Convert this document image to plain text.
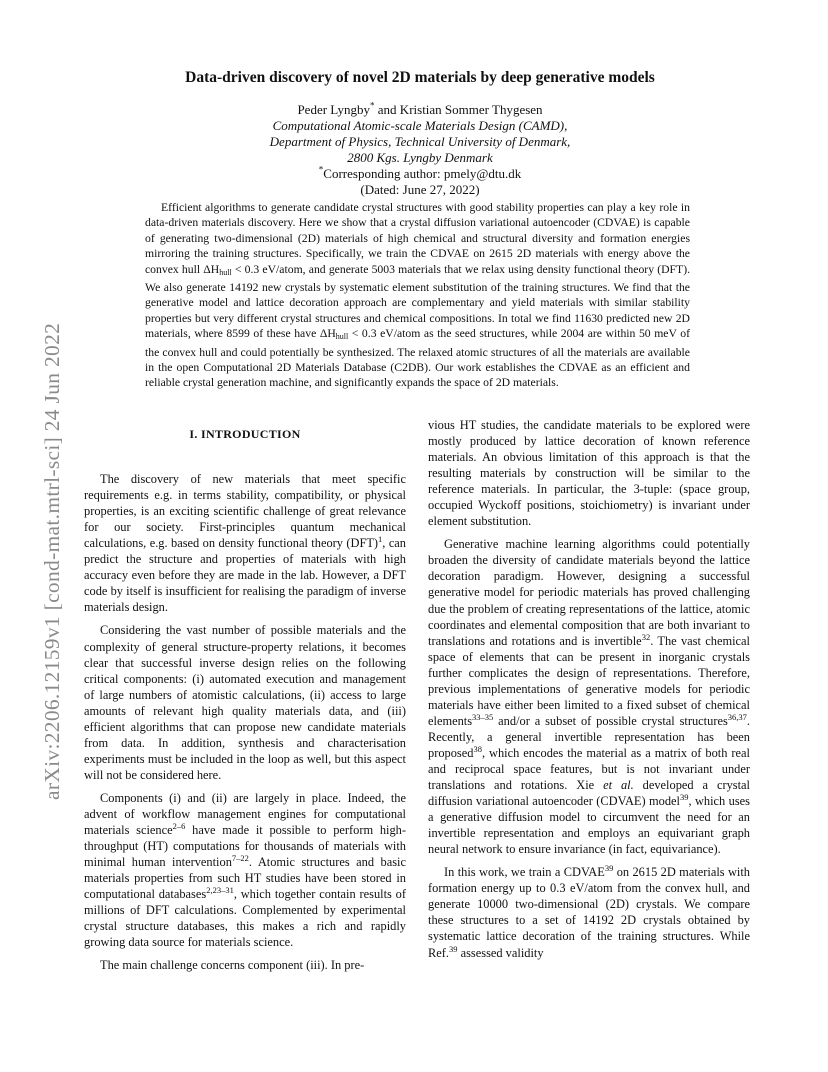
arXiv:2206.12159v1 [cond-mat.mtrl-sci] 24 Jun 2022
Data-driven discovery of novel 2D materials by deep generative models
Peder Lyngby* and Kristian Sommer Thygesen
Computational Atomic-scale Materials Design (CAMD),
Department of Physics, Technical University of Denmark,
2800 Kgs. Lyngby Denmark
*Corresponding author: pmely@dtu.dk
(Dated: June 27, 2022)

Efficient algorithms to generate candidate crystal structures with good stability properties can play a key role in data-driven materials discovery. Here we show that a crystal diffusion variational autoencoder (CDVAE) is capable of generating two-dimensional (2D) materials of high chemical and structural diversity and formation energies mirroring the training structures. Specifically, we train the CDVAE on 2615 2D materials with energy above the convex hull $\Delta H_{hull} < 0.3$ eV/atom, and generate 5003 materials that we relax using density functional theory (DFT). We also generate 14192 new crystals by systematic element substitution of the training structures. We find that the generative model and lattice decoration approach are complementary and yield materials with similar stability properties but very different crystal structures and chemical compositions. In total we find 11630 predicted new 2D materials, where 8599 of these have $\Delta H_{hull} < 0.3$ eV/atom as the seed structures, while 2004 are within 50 meV of the convex hull and could potentially be synthesized. The relaxed atomic structures of all the materials are available in the open Computational 2D Materials Database (C2DB). Our work establishes the CDVAE as an efficient and reliable crystal generation machine, and significantly expands the space of 2D materials.

I. INTRODUCTION

The discovery of new materials that meet specific requirements e.g. in terms stability, compatibility, or physical properties, is an exciting scientific challenge of great relevance for our society. First-principles quantum mechanical calculations, e.g. based on density functional theory (DFT)$^1$, can predict the structure and properties of materials with high accuracy even before they are made in the lab. However, a DFT code by itself is insufficient for realising the paradigm of inverse materials design.

Considering the vast number of possible materials and the complexity of general structure-property relations, it becomes clear that successful inverse design relies on the following critical components: (i) automated execution and management of large numbers of atomistic calculations, (ii) access to large amounts of relevant high quality materials data, and (iii) efficient algorithms that can propose new candidate materials from data. In addition, synthesis and characterisation experiments must be included in the loop as well, but this aspect will not be considered here.

Components (i) and (ii) are largely in place. Indeed, the advent of workflow management engines for computational materials science$^{2-6}$ have made it possible to perform high-throughput (HT) computations for thousands of materials with minimal human intervention$^{7-22}$. Atomic structures and basic materials properties from such HT studies have been stored in computational databases$^{2,23-31}$, which together contain results of millions of DFT calculations. Complemented by experimental crystal structure databases, this makes a rich and rapidly growing data source for materials science.

The main challenge concerns component (iii). In pre-

vious HT studies, the candidate materials to be explored were mostly produced by lattice decoration of known reference materials. An obvious limitation of this approach is that the resulting materials by construction will be similar to the reference materials. In particular, the 3-tuple: (space group, occupied Wyckoff positions, stoichiometry) is invariant under element substitution.

Generative machine learning algorithms could potentially broaden the diversity of candidate materials beyond the lattice decoration paradigm. However, designing a successful generative model for periodic materials has proved challenging due the problem of creating representations of the lattice, atomic coordinates and elemental composition that are both invariant to translations and rotations and is invertible$^{32}$. The vast chemical space of elements that can be present in inorganic crystals further complicates the design of representations. Therefore, previous implementations of generative models for periodic materials have either been limited to a fixed subset of chemical elements$^{33-35}$ and/or a subset of possible crystal structures$^{36,37}$. Recently, a general invertible representation has been proposed$^{38}$, which encodes the material as a matrix of both real and reciprocal space features, but is not invariant under translations and rotations. Xie et al. developed a crystal diffusion variational autoencoder (CDVAE) model$^{39}$, which uses a generative diffusion model to circumvent the need for an invertible representation and employs an equivariant graph neural network to ensure invariance (in fact, equivariance).

In this work, we train a CDVAE$^{39}$ on 2615 2D materials with formation energy up to 0.3 eV/atom from the convex hull, and generate 10000 two-dimensional (2D) crystals. We compare these structures to a set of 14192 2D crystals obtained by systematic lattice decoration of the training structures. While Ref.$^{39}$ assessed validity
